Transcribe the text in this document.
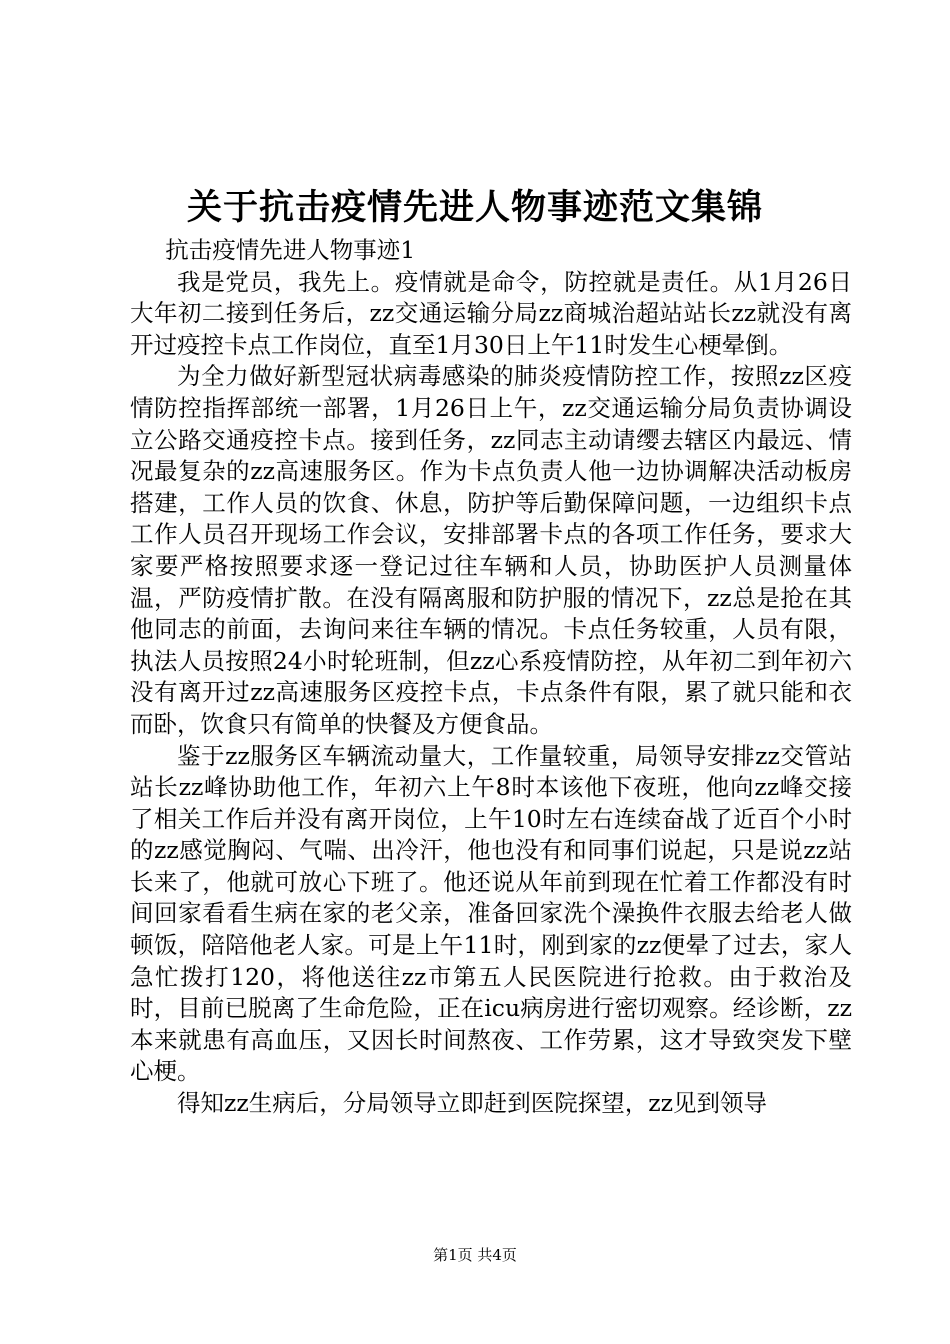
关于抗击疫情先进人物事迹范文集锦

抗击疫情先进人物事迹1

我是党员，我先上。疫情就是命令，防控就是责任。从1月26日大年初二接到任务后，zz交通运输分局zz商城治超站站长zz就没有离开过疫控卡点工作岗位，直至1月30日上午11时发生心梗晕倒。

为全力做好新型冠状病毒感染的肺炎疫情防控工作，按照zz区疫情防控指挥部统一部署，1月26日上午，zz交通运输分局负责协调设立公路交通疫控卡点。接到任务，zz同志主动请缨去辖区内最远、情况最复杂的zz高速服务区。作为卡点负责人他一边协调解决活动板房搭建，工作人员的饮食、休息，防护等后勤保障问题，一边组织卡点工作人员召开现场工作会议，安排部署卡点的各项工作任务，要求大家要严格按照要求逐一登记过往车辆和人员，协助医护人员测量体温，严防疫情扩散。在没有隔离服和防护服的情况下，zz总是抢在其他同志的前面，去询问来往车辆的情况。卡点任务较重，人员有限，执法人员按照24小时轮班制，但zz心系疫情防控，从年初二到年初六没有离开过zz高速服务区疫控卡点，卡点条件有限，累了就只能和衣而卧，饮食只有简单的快餐及方便食品。

鉴于zz服务区车辆流动量大，工作量较重，局领导安排zz交管站站长zz峰协助他工作，年初六上午8时本该他下夜班，他向zz峰交接了相关工作后并没有离开岗位，上午10时左右连续奋战了近百个小时的zz感觉胸闷、气喘、出冷汗，他也没有和同事们说起，只是说zz站长来了，他就可放心下班了。他还说从年前到现在忙着工作都没有时间回家看看生病在家的老父亲，准备回家洗个澡换件衣服去给老人做顿饭，陪陪他老人家。可是上午11时，刚到家的zz便晕了过去，家人急忙拨打120，将他送往zz市第五人民医院进行抢救。由于救治及时，目前已脱离了生命危险，正在icu病房进行密切观察。经诊断，zz本来就患有高血压，又因长时间熬夜、工作劳累，这才导致突发下壁心梗。

得知zz生病后，分局领导立即赶到医院探望，zz见到领导

第1页 共4页
